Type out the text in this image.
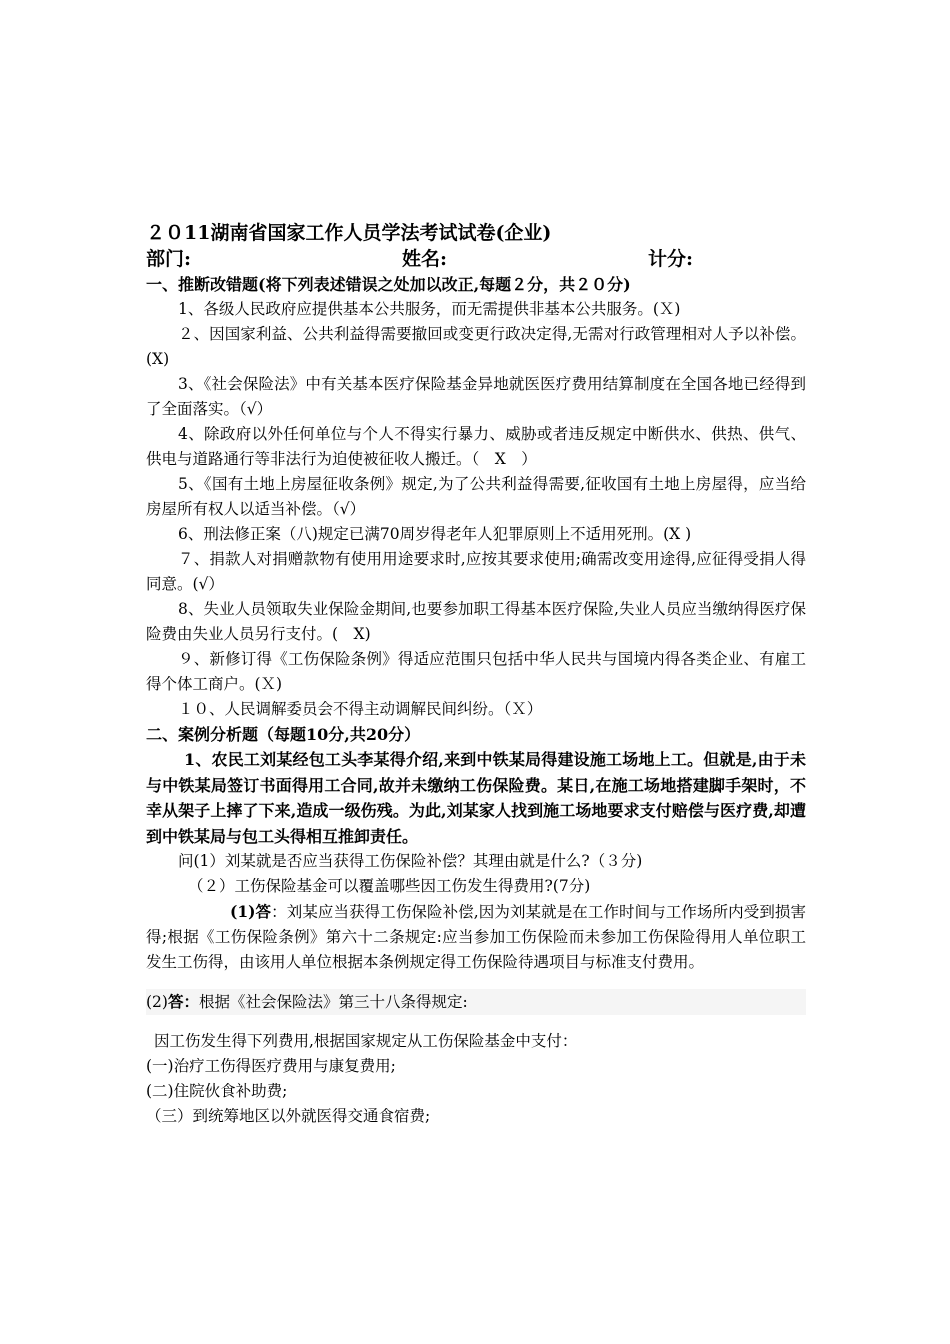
２０11湖南省国家工作人员学法考试试卷(企业)
部门:	姓名:	计分:
一、推断改错题(将下列表述错误之处加以改正,每题２分，共２０分)
1、各级人民政府应提供基本公共服务，而无需提供非基本公共服务。(Ｘ)
２、因国家利益、公共利益得需要撤回或变更行政决定得,无需对行政管理相对人予以补偿。(X)
3、《社会保险法》中有关基本医疗保险基金异地就医医疗费用结算制度在全国各地已经得到了全面落实。（√）
4、除政府以外任何单位与个人不得实行暴力、威胁或者违反规定中断供水、供热、供气、供电与道路通行等非法行为迫使被征收人搬迁。（　X　）
5、《国有土地上房屋征收条例》规定,为了公共利益得需要,征收国有土地上房屋得，应当给房屋所有权人以适当补偿。（√）
6、刑法修正案（八)规定已满70周岁得老年人犯罪原则上不适用死刑。(X )
７、捐款人对捐赠款物有使用用途要求时,应按其要求使用;确需改变用途得,应征得受捐人得同意。(√）
8、失业人员领取失业保险金期间,也要参加职工得基本医疗保险,失业人员应当缴纳得医疗保险费由失业人员另行支付。(　X)
９、新修订得《工伤保险条例》得适应范围只包括中华人民共与国境内得各类企业、有雇工得个体工商户。(Ｘ)
１０、人民调解委员会不得主动调解民间纠纷。（Ｘ）
二、案例分析题（每题10分,共20分）
1、农民工刘某经包工头李某得介绍,来到中铁某局得建设施工场地上工。但就是,由于未与中铁某局签订书面得用工合同,故并未缴纳工伤保险费。某日,在施工场地搭建脚手架时，不幸从架子上摔了下来,造成一级伤残。为此,刘某家人找到施工场地要求支付赔偿与医疗费,却遭到中铁某局与包工头得相互推卸责任。
问(1）刘某就是否应当获得工伤保险补偿？其理由就是什么?（３分)
（２）工伤保险基金可以覆盖哪些因工伤发生得费用?(7分)
(1)答：刘某应当获得工伤保险补偿,因为刘某就是在工作时间与工作场所内受到损害得;根据《工伤保险条例》第六十二条规定:应当参加工伤保险而未参加工伤保险得用人单位职工发生工伤得，由该用人单位根据本条例规定得工伤保险待遇项目与标准支付费用。
(2)答：根据《社会保险法》第三十八条得规定:
因工伤发生得下列费用,根据国家规定从工伤保险基金中支付：
(一)治疗工伤得医疗费用与康复费用;
(二)住院伙食补助费;
（三）到统筹地区以外就医得交通食宿费;
